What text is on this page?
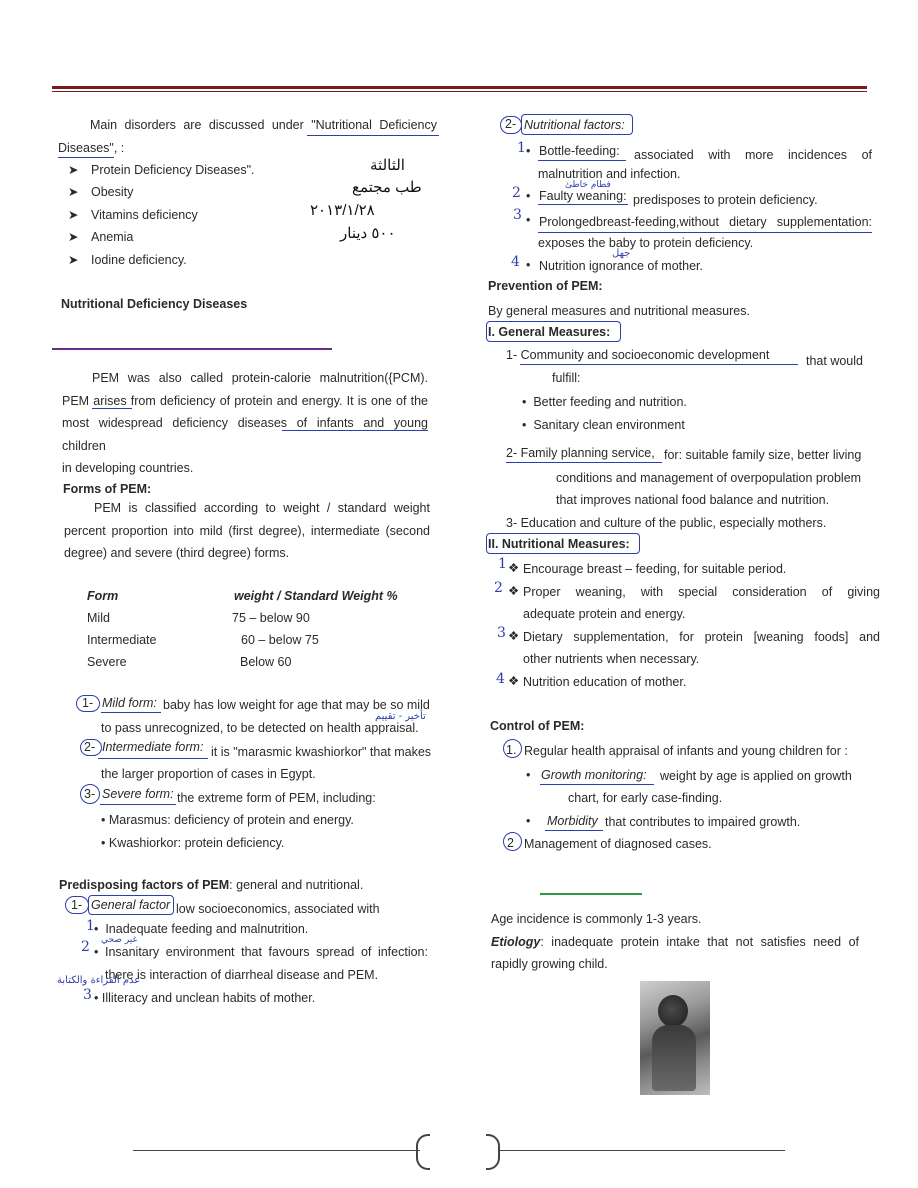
Main disorders are discussed under "Nutritional Deficiency
Diseases", :
➤ Protein Deficiency Diseases".
➤ Obesity
➤ Vitamins deficiency
➤ Anemia
➤ Iodine deficiency.
الثالثة
طب مجتمع
٢٠١٣/١/٢٨
٥٠٠ دينار
Nutritional Deficiency Diseases
PEM was also called protein-calorie malnutrition({PCM).
PEM arises from deficiency of protein and energy. It is one of the
most widespread deficiency diseases of infants and young children
in developing countries.
Forms of PEM:
PEM is classified according to weight / standard weight
percent proportion into mild (first degree), intermediate (second
degree) and severe (third degree) forms.
Form	weight / Standard Weight %
Mild	75 – below 90
Intermediate	60 – below 75
Severe	Below 60
1- Mild form: baby has low weight for age that may be so mild
to pass unrecognized, to be detected on health appraisal.
تأخير - تقييم
2- Intermediate form: it is "marasmic kwashiorkor" that makes
the larger proportion of cases in Egypt.
3- Severe form: the extreme form of PEM, including:
• Marasmus: deficiency of protein and energy.
• Kwashiorkor: protein deficiency.
Predisposing factors of PEM: general and nutritional.
1- General factor low socioeconomics, associated with
1 •  Inadequate feeding and malnutrition.
2 غير صحي
• Insanitary environment that favours spread of infection:
there is interaction of diarrheal disease and PEM.
عدم القراءة والكتابة
3 • Illiteracy and unclean habits of mother.
2- Nutritional factors:
1 • Bottle-feeding: associated with more incidences of
malnutrition and infection.
فطام خاطئ
2 • Faulty weaning: predisposes to protein deficiency.
3 • Prolongedbreast-feeding,without dietary supplementation:
exposes the baby to protein deficiency.
جهل
4 • Nutrition ignorance of mother.
Prevention of PEM:
By general measures and nutritional measures.
I. General Measures:
1- Community and socioeconomic development	that would
fulfill:
•  Better feeding and nutrition.
•  Sanitary clean environment
2- Family planning service, for: suitable family size, better living
conditions and management of overpopulation problem
that improves national food balance and nutrition.
3- Education and culture of the public, especially mothers.
II. Nutritional Measures:
1 ❖ Encourage breast – feeding, for suitable period.
2 ❖ Proper weaning, with special consideration of giving
adequate protein and energy.
3 ❖ Dietary supplementation, for protein [weaning foods] and
other nutrients when necessary.
4 ❖ Nutrition education of mother.
Control of PEM:
1. Regular health appraisal of infants and young children for :
• Growth monitoring: weight by age is applied on growth
chart, for early case-finding.
• Morbidity that contributes to impaired growth.
2 Management of diagnosed cases.
Age incidence is commonly 1-3 years.
Etiology: inadequate protein intake that not satisfies need of
rapidly growing child.
